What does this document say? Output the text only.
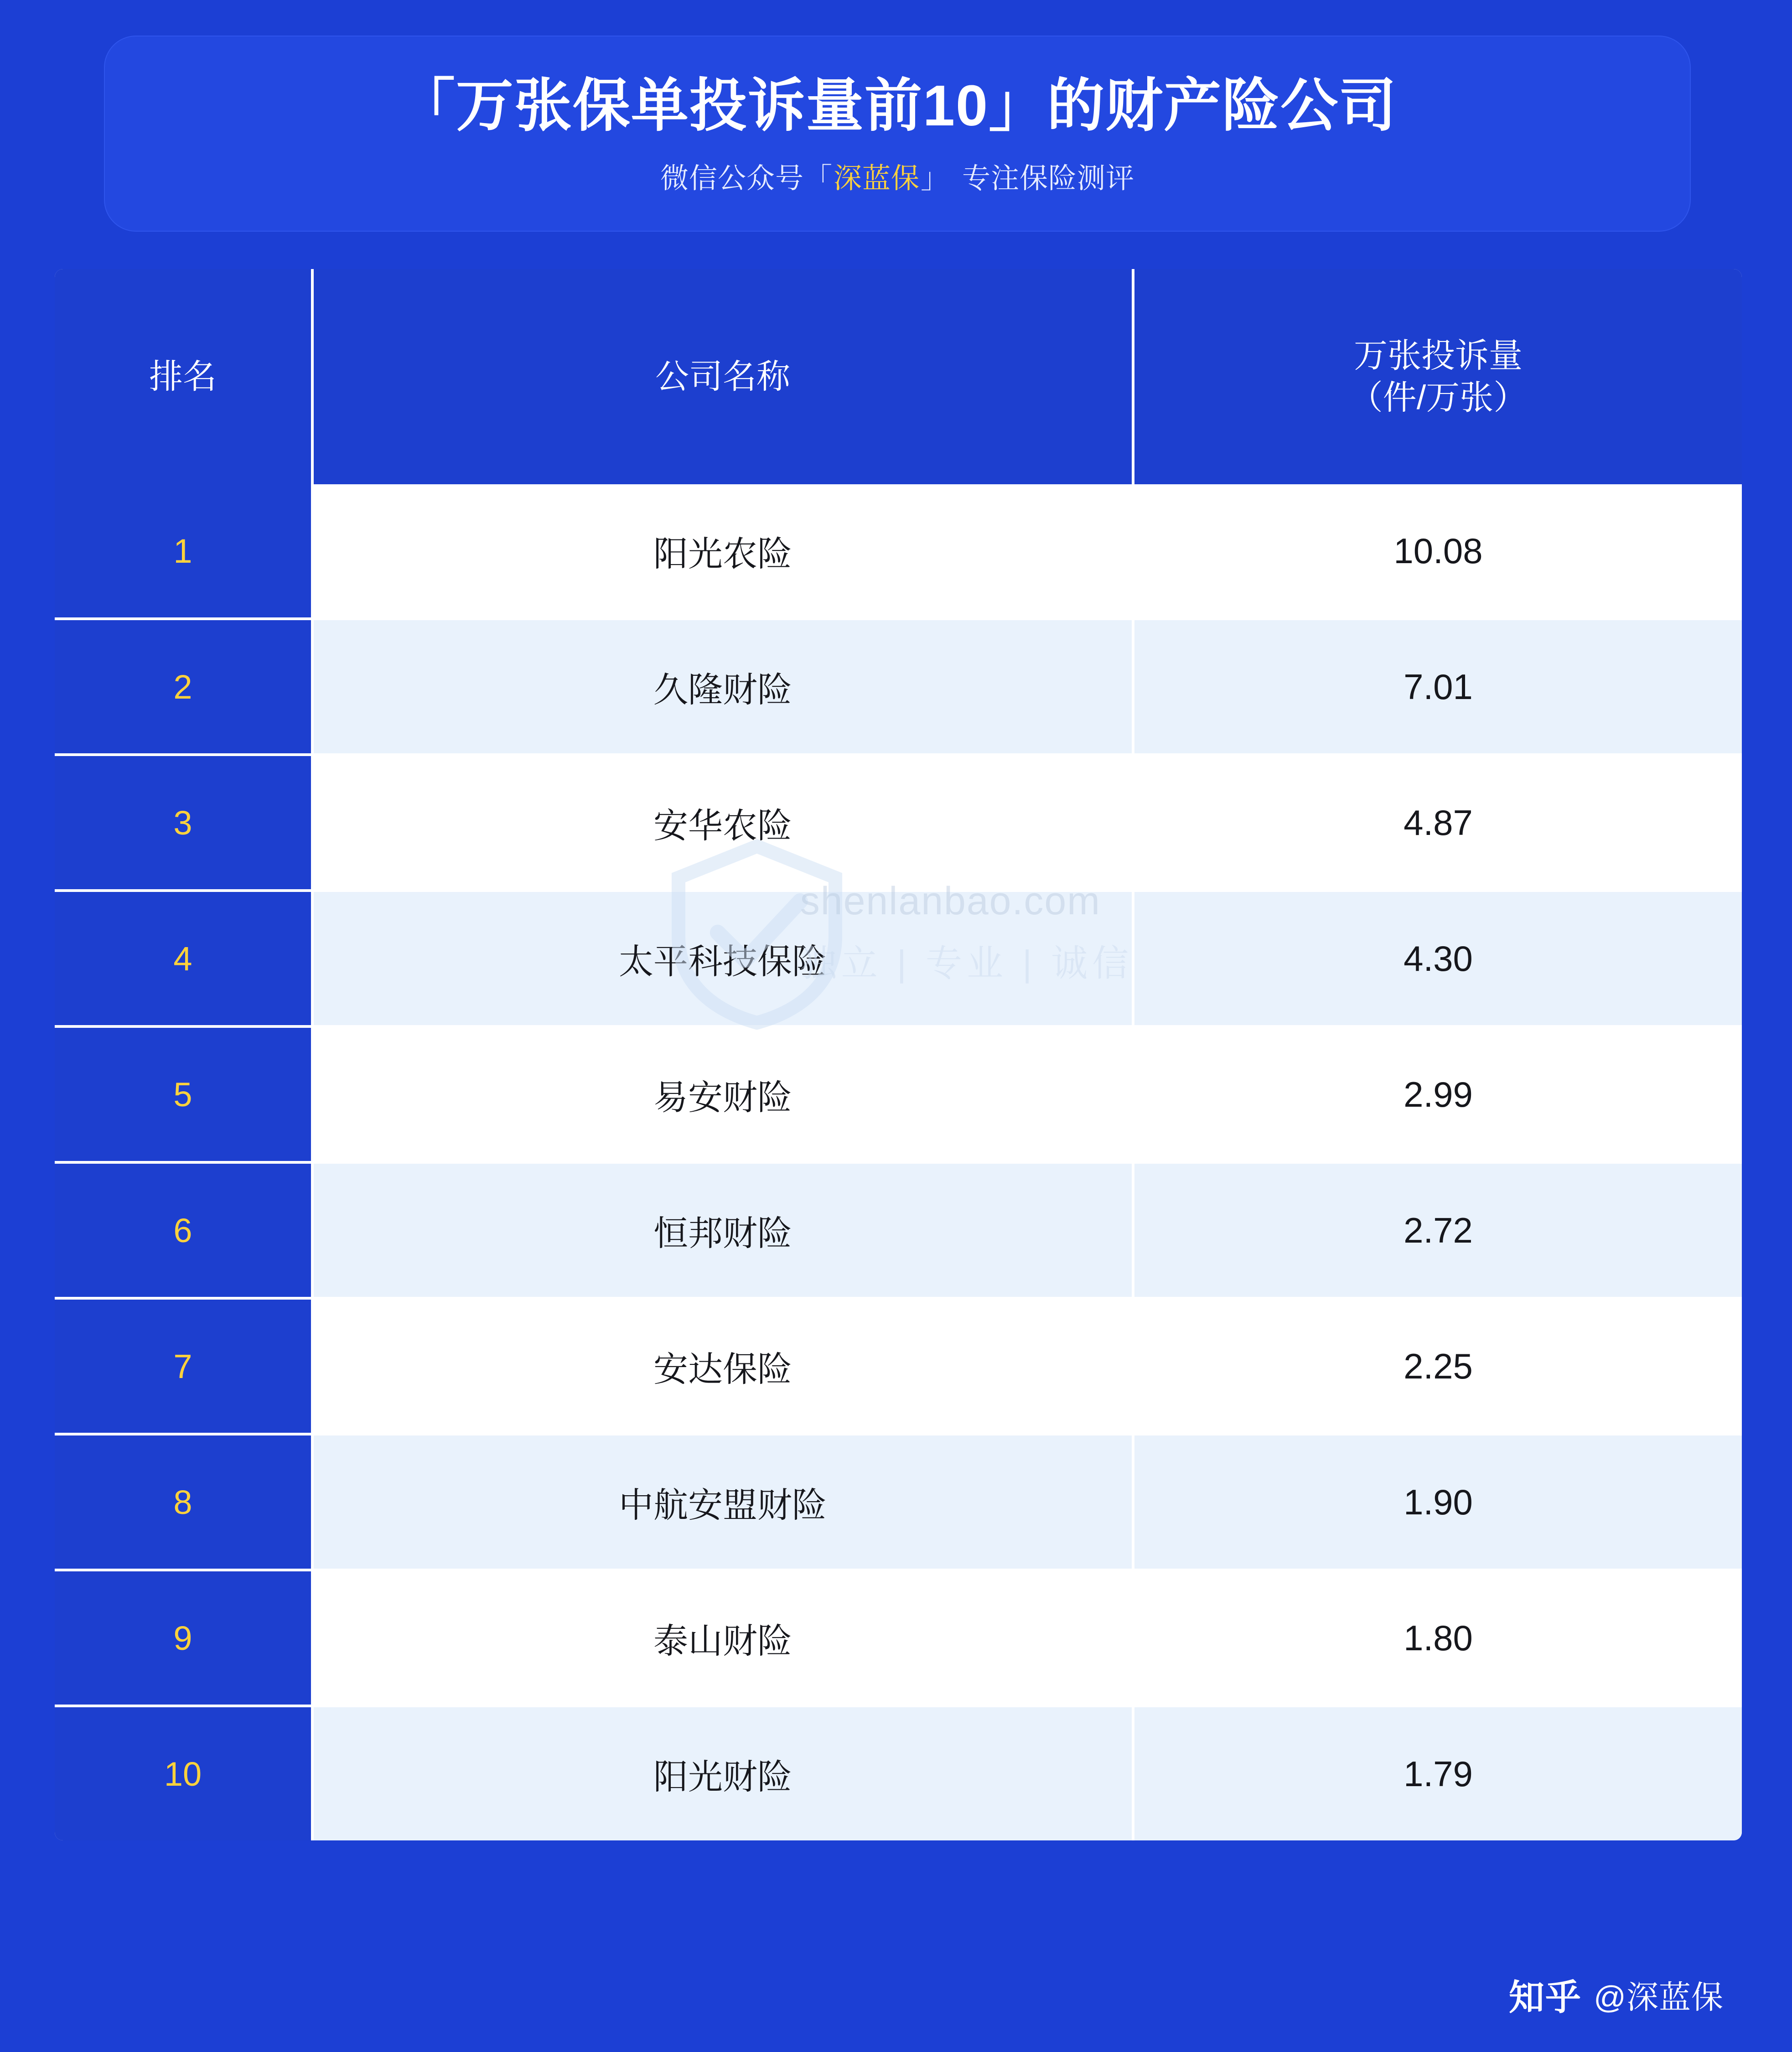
「万张保单投诉量前10」的财产险公司
微信公众号「 深蓝保 」 专注保险测评
shenlanbao.com
独立 | 专业 | 诚信
排名	公司名称	万张投诉量
（件/万张）

1	阳光农险	10.08
2	久隆财险	7.01
3	安华农险	4.87
4	太平科技保险	4.30
5	易安财险	2.99
6	恒邦财险	2.72
7	安达保险	2.25
8	中航安盟财险	1.90
9	泰山财险	1.80
10	阳光财险	1.79
知乎 @深蓝保
